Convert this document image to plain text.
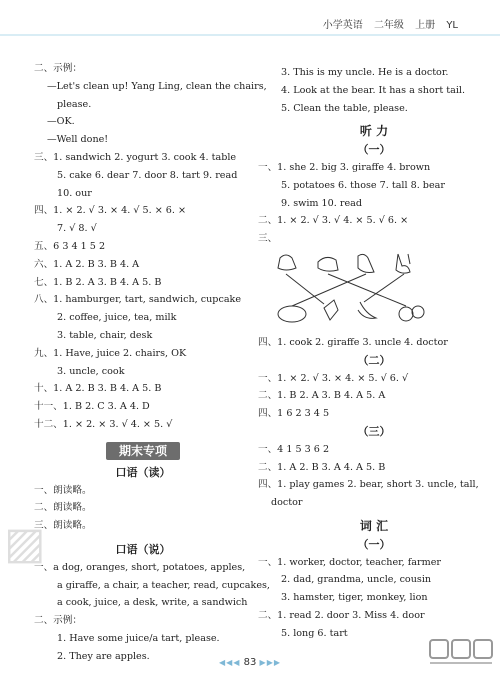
小学英语 二年级 上册 YL
二、示例：
—Let's clean up! Yang Ling, clean the chairs,
please.
—OK.
—Well done!
三、1. sandwich 2. yogurt 3. cook 4. table
5. cake 6. dear 7. door 8. tart 9. read
10. our
四、1. × 2. √ 3. × 4. √ 5. × 6. ×
7. √ 8. √
五、6 3 4 1 5 2
六、1. A 2. B 3. B 4. A
七、1. B 2. A 3. B 4. A 5. B
八、1. hamburger, tart, sandwich, cupcake
2. coffee, juice, tea, milk
3. table, chair, desk
九、1. Have, juice 2. chairs, OK
3. uncle, cook
十、1. A 2. B 3. B 4. A 5. B
十一、1. B 2. C 3. A 4. D
十二、1. × 2. × 3. √ 4. × 5. √
期末专项
口语（读）
一、朗读略。
二、朗读略。
三、朗读略。
口语（说）
一、a dog, oranges, short, potatoes, apples,
a giraffe, a chair, a teacher, read, cupcakes,
a cook, juice, a desk, write, a sandwich
二、示例：
1. Have some juice/a tart, please.
2. They are apples.
3. This is my uncle. He is a doctor.
4. Look at the bear. It has a short tail.
5. Clean the table, please.
听 力
（一）
一、1. she 2. big 3. giraffe 4. brown
5. potatoes 6. those 7. tall 8. bear
9. swim 10. read
二、1. × 2. √ 3. √ 4. × 5. √ 6. ×
三、
四、1. cook 2. giraffe 3. uncle 4. doctor
（二）
一、1. × 2. √ 3. × 4. × 5. √ 6. √
二、1. B 2. A 3. B 4. A 5. A
四、1 6 2 3 4 5
（三）
一、4 1 5 3 6 2
二、1. A 2. B 3. A 4. A 5. B
四、1. play games 2. bear, short 3. uncle, tall,
doctor
词 汇
（一）
一、1. worker, doctor, teacher, farmer
2. dad, grandma, uncle, cousin
3. hamster, tiger, monkey, lion
二、1. read 2. door 3. Miss 4. door
5. long 6. tart
▨
◀◀◀ 83 ▶▶▶
